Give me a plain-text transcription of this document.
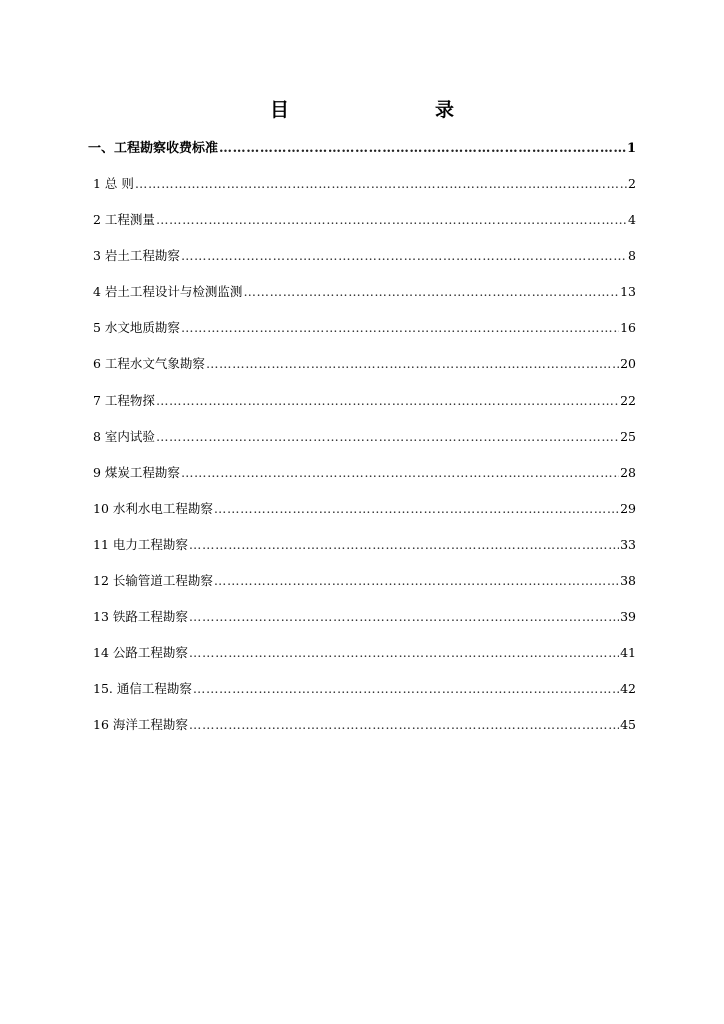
目　　录
一、工程勘察收费标准 ………………………………………………………………………………………………………………………………………………………………………………………	1
1 总 则 ………………………………………………………………………………………………………………………………………………………………………………………	2
2 工程测量 ………………………………………………………………………………………………………………………………………………………………………………………	4
3 岩土工程勘察 ………………………………………………………………………………………………………………………………………………………………………………………	8
4 岩土工程设计与检测监测 ………………………………………………………………………………………………………………………………………………………………………………………	13
5 水文地质勘察 ………………………………………………………………………………………………………………………………………………………………………………………	16
6 工程水文气象勘察 ………………………………………………………………………………………………………………………………………………………………………………………	20
7 工程物探 ………………………………………………………………………………………………………………………………………………………………………………………	22
8 室内试验 ………………………………………………………………………………………………………………………………………………………………………………………	25
9 煤炭工程勘察 ………………………………………………………………………………………………………………………………………………………………………………………	28
10 水利水电工程勘察 ………………………………………………………………………………………………………………………………………………………………………………………	29
11 电力工程勘察 ………………………………………………………………………………………………………………………………………………………………………………………	33
12 长输管道工程勘察 ………………………………………………………………………………………………………………………………………………………………………………………	38
13 铁路工程勘察 ………………………………………………………………………………………………………………………………………………………………………………………	39
14 公路工程勘察 ………………………………………………………………………………………………………………………………………………………………………………………	41
15. 通信工程勘察 ………………………………………………………………………………………………………………………………………………………………………………………	42
16 海洋工程勘察 ………………………………………………………………………………………………………………………………………………………………………………………	45
